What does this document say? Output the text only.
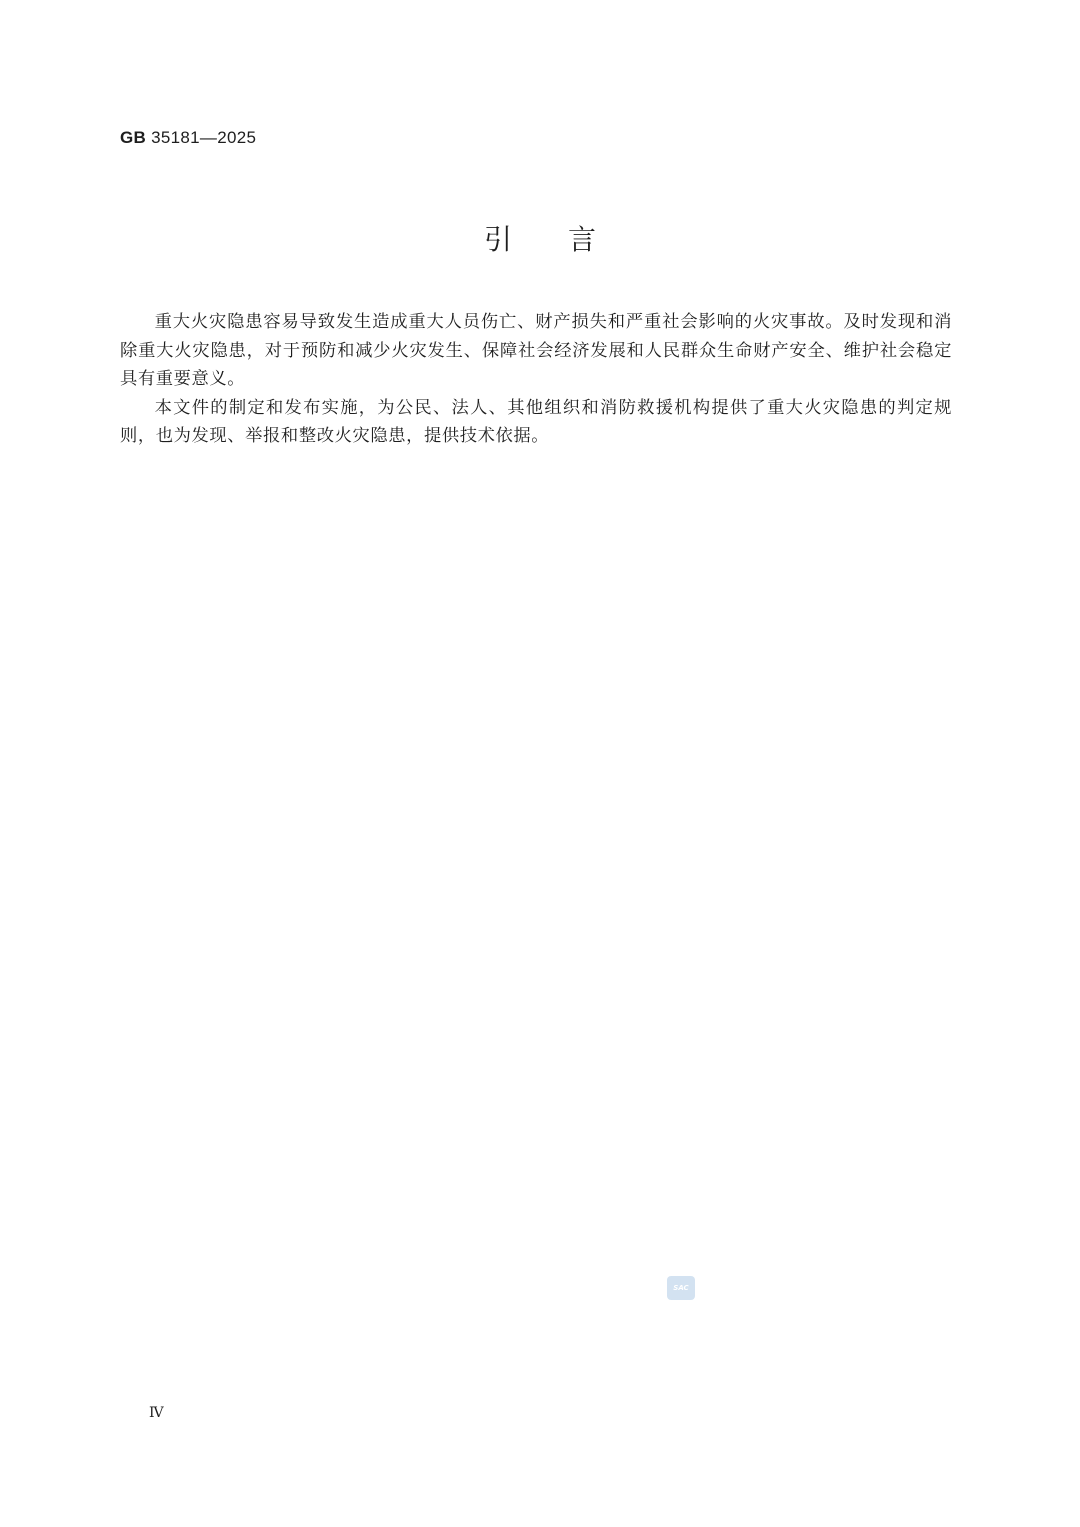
GB 35181—2025
引言

重大火灾隐患容易导致发生造成重大人员伤亡、财产损失和严重社会影响的火灾事故。及时发现和消除重大火灾隐患，对于预防和减少火灾发生、保障社会经济发展和人民群众生命财产安全、维护社会稳定具有重要意义。

本文件的制定和发布实施，为公民、法人、其他组织和消防救援机构提供了重大火灾隐患的判定规则，也为发现、举报和整改火灾隐患，提供技术依据。

SAC
IV
